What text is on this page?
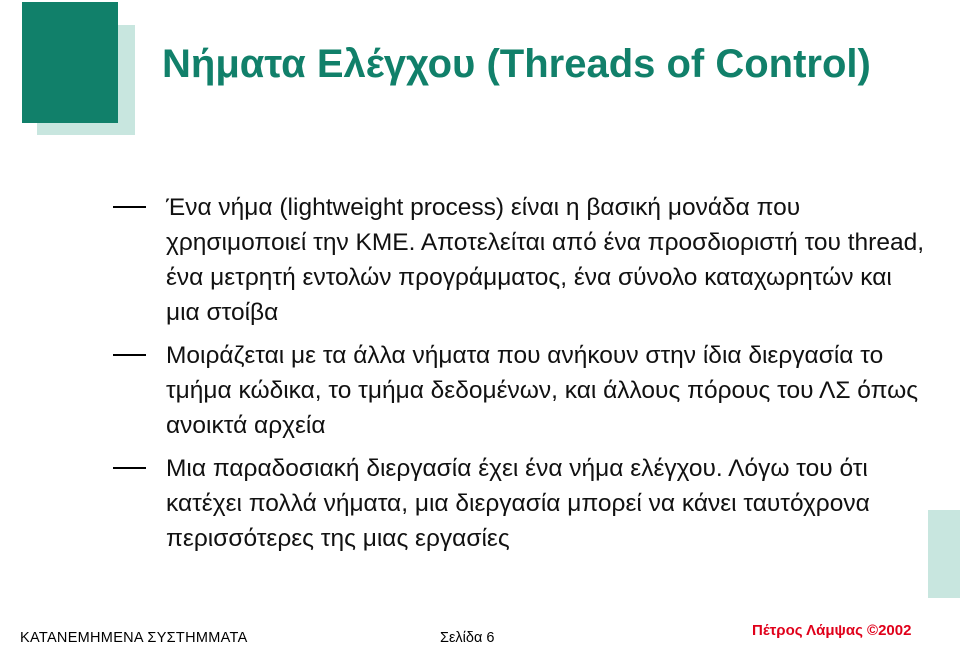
Νήματα Ελέγχου (Threads of Control)
Ένα νήμα (lightweight process) είναι η βασική μονάδα που χρησιμοποιεί την ΚΜΕ. Αποτελείται από ένα προσδιοριστή του thread, ένα μετρητή εντολών προγράμματος, ένα σύνολο καταχωρητών και μια στοίβα
Μοιράζεται με τα άλλα νήματα που ανήκουν στην ίδια διεργασία το τμήμα κώδικα, το τμήμα δεδομένων, και άλλους πόρους του ΛΣ όπως ανοικτά αρχεία
Μια παραδοσιακή διεργασία έχει ένα νήμα ελέγχου. Λόγω του ότι κατέχει πολλά νήματα, μια διεργασία μπορεί να κάνει ταυτόχρονα περισσότερες της μιας εργασίες
ΚΑΤΑΝΕΜΗΜΕΝΑ ΣΥΣΤΗΜΜΑΤΑ	Σελίδα 6	Πέτρος Λάμψας ©2002
